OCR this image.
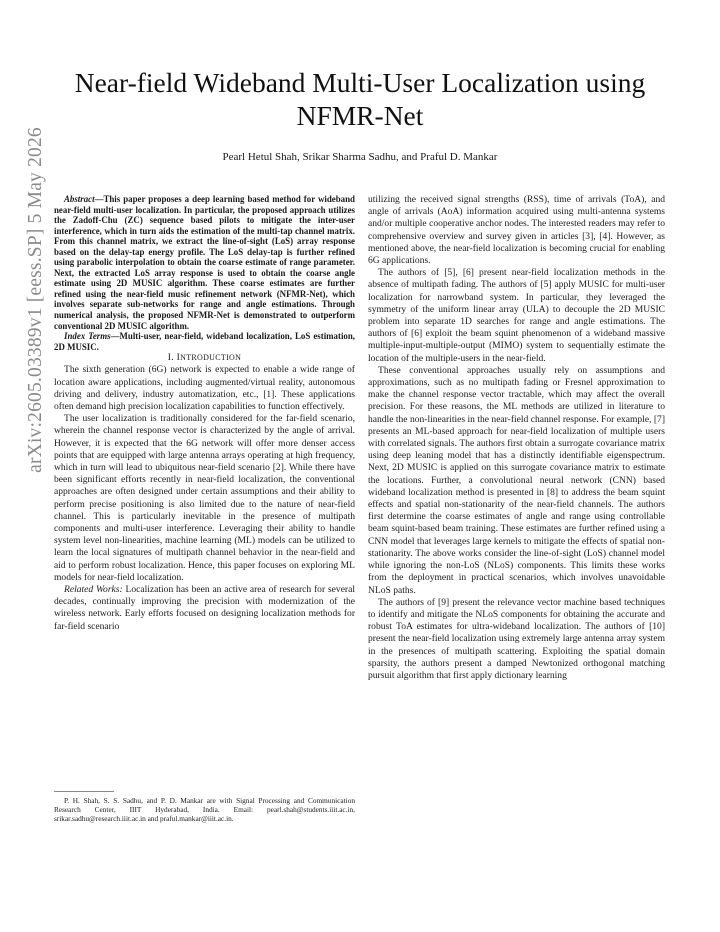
arXiv:2605.03389v1 [eess.SP] 5 May 2026
Near-field Wideband Multi-User Localization using
NFMR-Net
Pearl Hetul Shah, Srikar Sharma Sadhu, and Praful D. Mankar

Abstract—This paper proposes a deep learning based method for wideband near-field multi-user localization. In particular, the proposed approach utilizes the Zadoff-Chu (ZC) sequence based pilots to mitigate the inter-user interference, which in turn aids the estimation of the multi-tap channel matrix. From this channel matrix, we extract the line-of-sight (LoS) array response based on the delay-tap energy profile. The LoS delay-tap is further refined using parabolic interpolation to obtain the coarse estimate of range parameter. Next, the extracted LoS array response is used to obtain the coarse angle estimate using 2D MUSIC algorithm. These coarse estimates are further refined using the near-field music refinement network (NFMR-Net), which involves separate sub-networks for range and angle estimations. Through numerical analysis, the proposed NFMR-Net is demonstrated to outperform conventional 2D MUSIC algorithm.

Index Terms—Multi-user, near-field, wideband localization, LoS estimation, 2D MUSIC.

I. INTRODUCTION

The sixth generation (6G) network is expected to enable a wide range of location aware applications, including augmented/virtual reality, autonomous driving and delivery, industry automatization, etc., [1]. These applications often demand high precision localization capabilities to function effectively.

The user localization is traditionally considered for the far-field scenario, wherein the channel response vector is characterized by the angle of arrival. However, it is expected that the 6G network will offer more denser access points that are equipped with large antenna arrays operating at high frequency, which in turn will lead to ubiquitous near-field scenario [2]. While there have been significant efforts recently in near-field localization, the conventional approaches are often designed under certain assumptions and their ability to perform precise positioning is also limited due to the nature of near-field channel. This is particularly inevitable in the presence of multipath components and multi-user interference. Leveraging their ability to handle system level non-linearities, machine learning (ML) models can be utilized to learn the local signatures of multipath channel behavior in the near-field and aid to perform robust localization. Hence, this paper focuses on exploring ML models for near-field localization.

Related Works: Localization has been an active area of research for several decades, continually improving the precision with modernization of the wireless network. Early efforts focused on designing localization methods for far-field scenario

P. H. Shah, S. S. Sadhu, and P. D. Mankar are with Signal Processing and Communication Research Center, IIIT Hyderabad, India. Email: pearl.shah@students.iiit.ac.in, srikar.sadhu@research.iiit.ac.in and praful.mankar@iiit.ac.in.

utilizing the received signal strengths (RSS), time of arrivals (ToA), and angle of arrivals (AoA) information acquired using multi-antenna systems and/or multiple cooperative anchor nodes. The interested readers may refer to comprehensive overview and survey given in articles [3], [4]. However, as mentioned above, the near-field localization is becoming crucial for enabling 6G applications.

The authors of [5], [6] present near-field localization methods in the absence of multipath fading. The authors of [5] apply MUSIC for multi-user localization for narrowband system. In particular, they leveraged the symmetry of the uniform linear array (ULA) to decouple the 2D MUSIC problem into separate 1D searches for range and angle estimations. The authors of [6] exploit the beam squint phenomenon of a wideband massive multiple-input-multiple-output (MIMO) system to sequentially estimate the location of the multiple-users in the near-field.

These conventional approaches usually rely on assumptions and approximations, such as no multipath fading or Fresnel approximation to make the channel response vector tractable, which may affect the overall precision. For these reasons, the ML methods are utilized in literature to handle the non-linearities in the near-field channel response. For example, [7] presents an ML-based approach for near-field localization of multiple users with correlated signals. The authors first obtain a surrogate covariance matrix using deep leaning model that has a distinctly identifiable eigenspectrum. Next, 2D MUSIC is applied on this surrogate covariance matrix to estimate the locations. Further, a convolutional neural network (CNN) based wideband localization method is presented in [8] to address the beam squint effects and spatial non-stationarity of the near-field channels. The authors first determine the coarse estimates of angle and range using controllable beam squint-based beam training. These estimates are further refined using a CNN model that leverages large kernels to mitigate the effects of spatial non-stationarity. The above works consider the line-of-sight (LoS) channel model while ignoring the non-LoS (NLoS) components. This limits these works from the deployment in practical scenarios, which involves unavoidable NLoS paths.

The authors of [9] present the relevance vector machine based techniques to identify and mitigate the NLoS components for obtaining the accurate and robust ToA estimates for ultra-wideband localization. The authors of [10] present the near-field localization using extremely large antenna array system in the presences of multipath scattering. Exploiting the spatial domain sparsity, the authors present a damped Newtonized orthogonal matching pursuit algorithm that first apply dictionary learning
